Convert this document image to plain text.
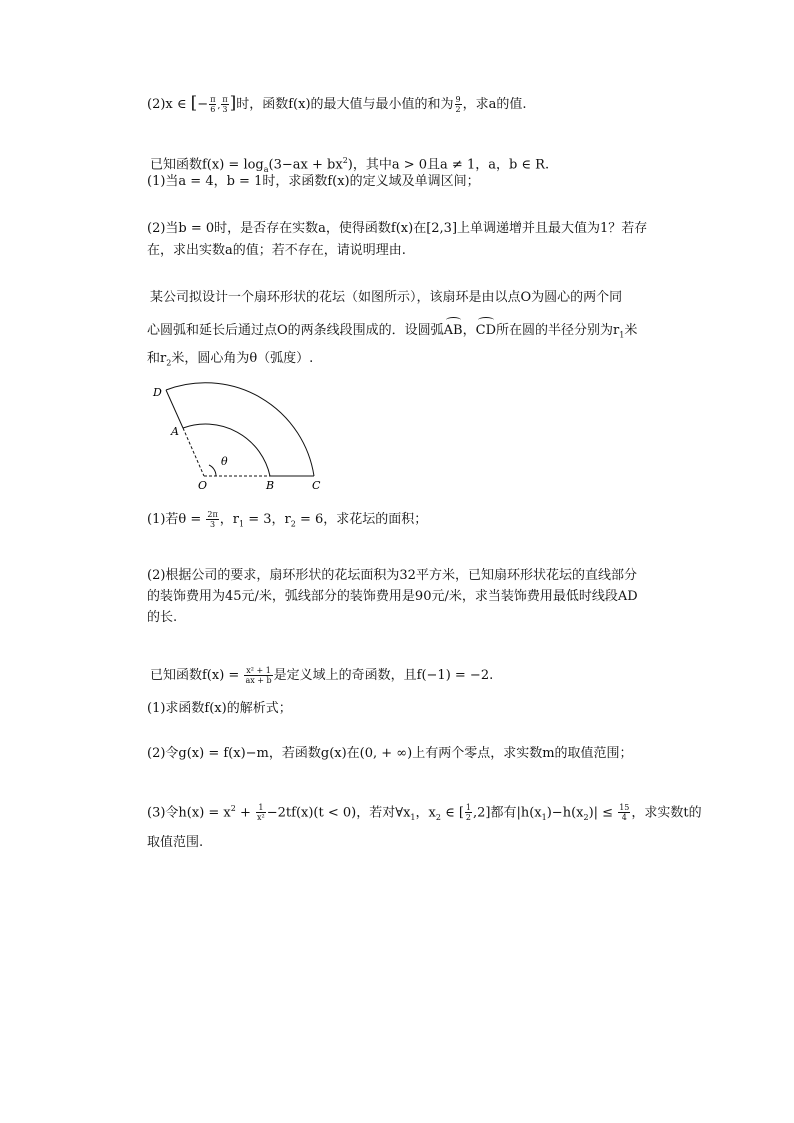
(2)x ∈ [− $\frac{\pi}{6}$ , $\frac{\pi}{3}$ ]时，函数f(x)的最大值与最小值的和为 $\frac{9}{2}$ ，求a的值.
已知函数$f(x) = \log_a(3-ax + bx^2)$，其中a > 0且a ≠ 1，a，b ∈ R.
(1)当a = 4，b = 1时，求函数f(x)的定义域及单调区间；
(2)当b = 0时，是否存在实数a，使得函数f(x)在[2,3]上单调递增并且最大值为1？若存
在，求出实数a的值；若不存在，请说明理由.
某公司拟设计一个扇环形状的花坛（如图所示），该扇环是由以点O为圆心的两个同
心圆弧和延长后通过点O的两条线段围成的．设圆弧AB，CD所在圆的半径分别为$r_1$米
和$r_2$米，圆心角为θ（弧度）.
D
A
O	B	C
θ
(1)若$\theta = \frac{2\pi}{3}$ ，$r_1 = 3$，$r_2 = 6$，求花坛的面积；
(2)根据公司的要求，扇环形状的花坛面积为32平方米，已知扇环形状花坛的直线部分
的装饰费用为45元/米，弧线部分的装饰费用是90元/米，求当装饰费用最低时线段AD
的长.
已知函数$f(x) = \frac{\text{x² + 1}}{ax + b}$ 是定义域上的奇函数，且f(−1) = −2.
(1)求函数f(x)的解析式；
(2)令g(x) = f(x)−m，若函数g(x)在(0, + ∞)上有两个零点，求实数m的取值范围；
(3)令$h(x) = x^2 + \frac{1}{\text{x²}} -2tf(x)(t < 0)$，若对$\forall x_1$，$x_2$ ∈ [ $\frac{1}{2} ,2$]都有$|h(x_1)-h(x_2)| \le \frac{15}{4}$ ，求实数t的
取值范围.
